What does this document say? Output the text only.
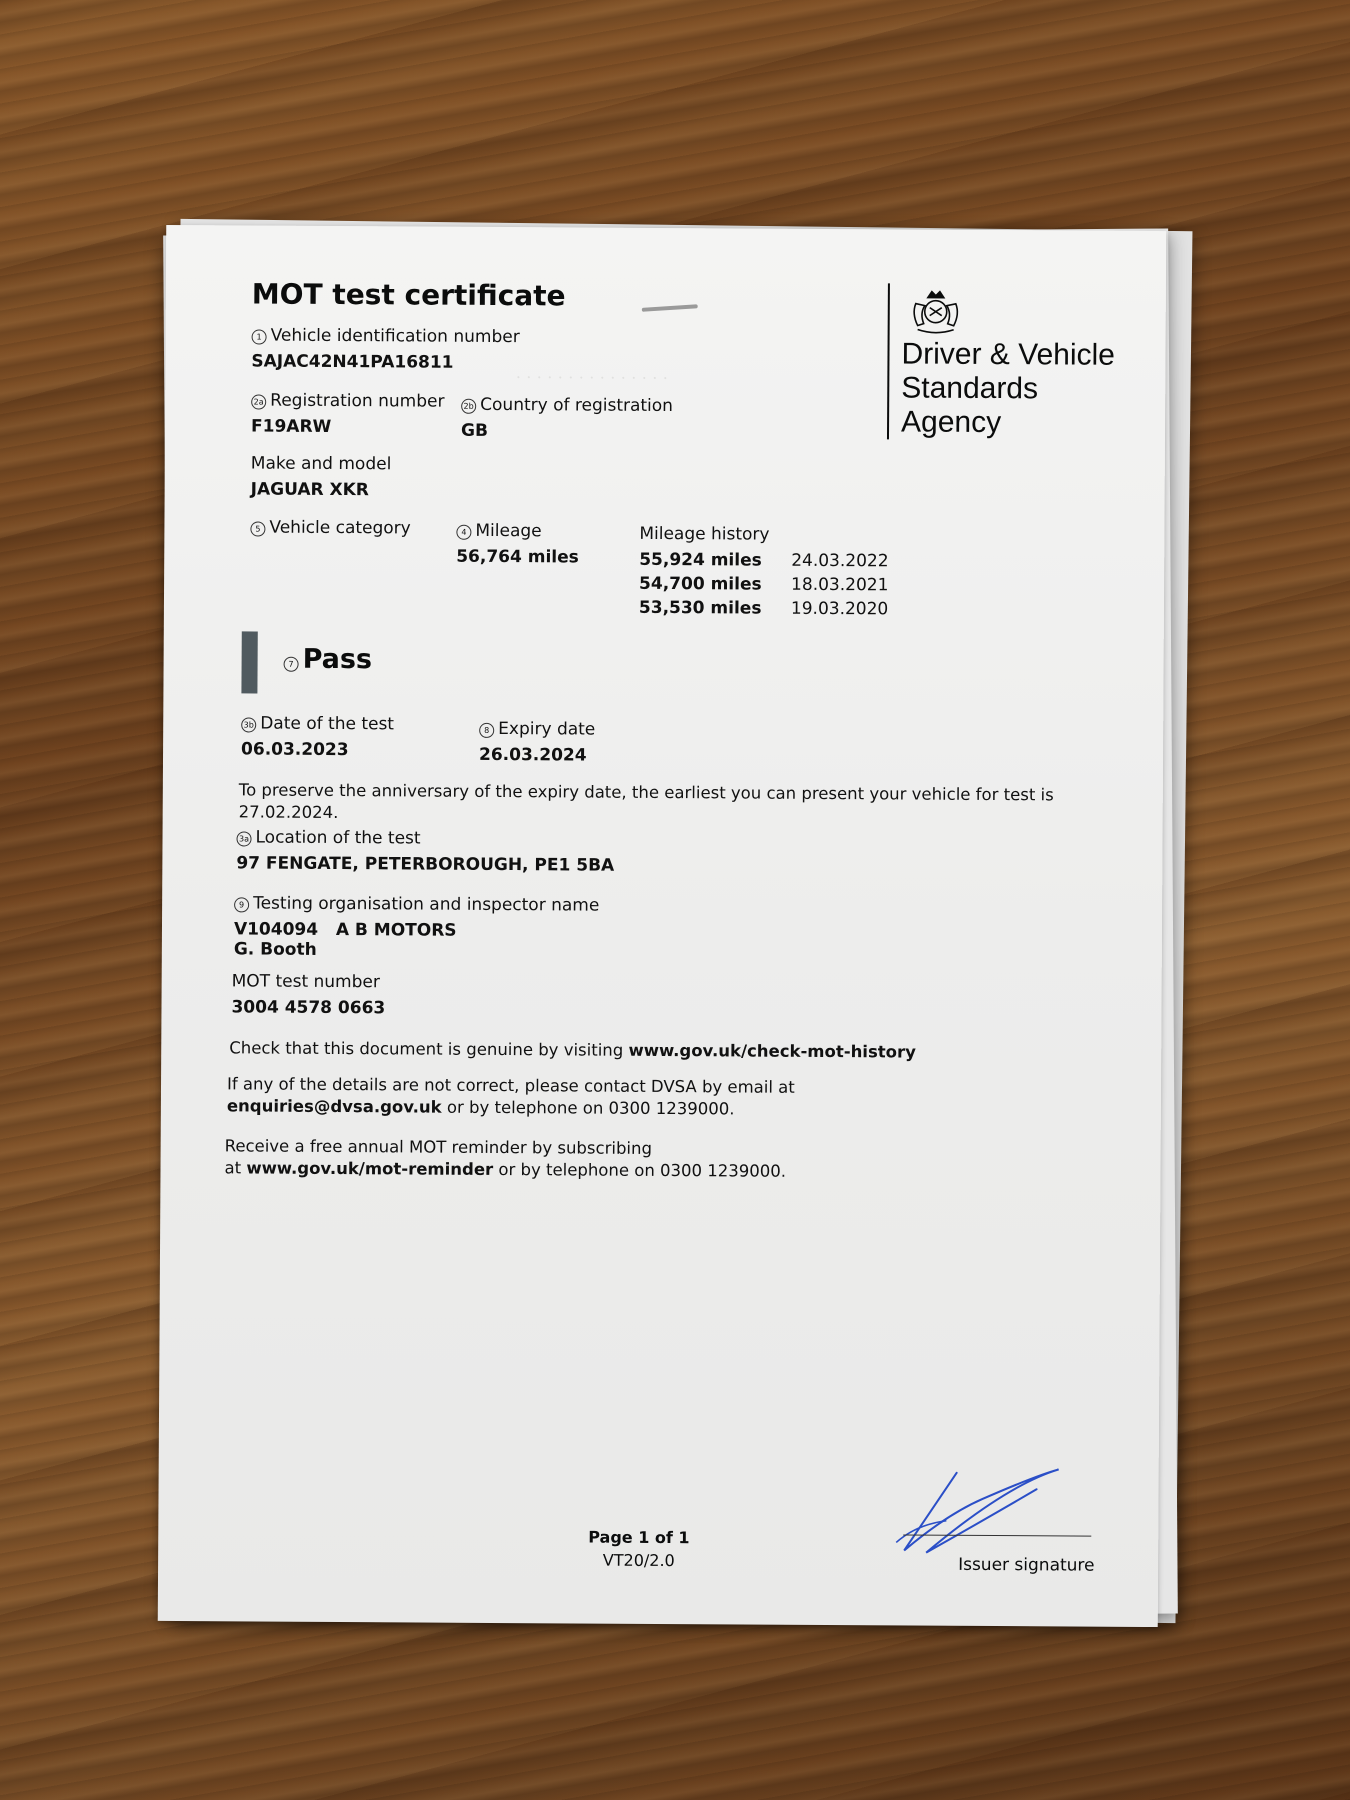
· · · · · · · · · · · · · · ·
MOT test certificate
Driver & Vehicle
Standards
Agency
1 Vehicle identification number
SAJAC42N41PA16811
2a Registration number
F19ARW
2b Country of registration
GB
Make and model
JAGUAR XKR
5 Vehicle category	4 Mileage
56,764 miles
Mileage history
55,924 miles	24.03.2022
54,700 miles	18.03.2021
53,530 miles	19.03.2020
7 Pass
3b Date of the test
06.03.2023
8 Expiry date
26.03.2024
To preserve the anniversary of the expiry date, the earliest you can present your vehicle for test is
27.02.2024.
3a Location of the test
97 FENGATE, PETERBOROUGH, PE1 5BA
9 Testing organisation and inspector name
V104094 A B MOTORS
G. Booth
MOT test number
3004 4578 0663
Check that this document is genuine by visiting www.gov.uk/check-mot-history
If any of the details are not correct, please contact DVSA by email at
enquiries@dvsa.gov.uk or by telephone on 0300 1239000.
Receive a free annual MOT reminder by subscribing
at www.gov.uk/mot-reminder or by telephone on 0300 1239000.
Page 1 of 1
VT20/2.0	Issuer signature
